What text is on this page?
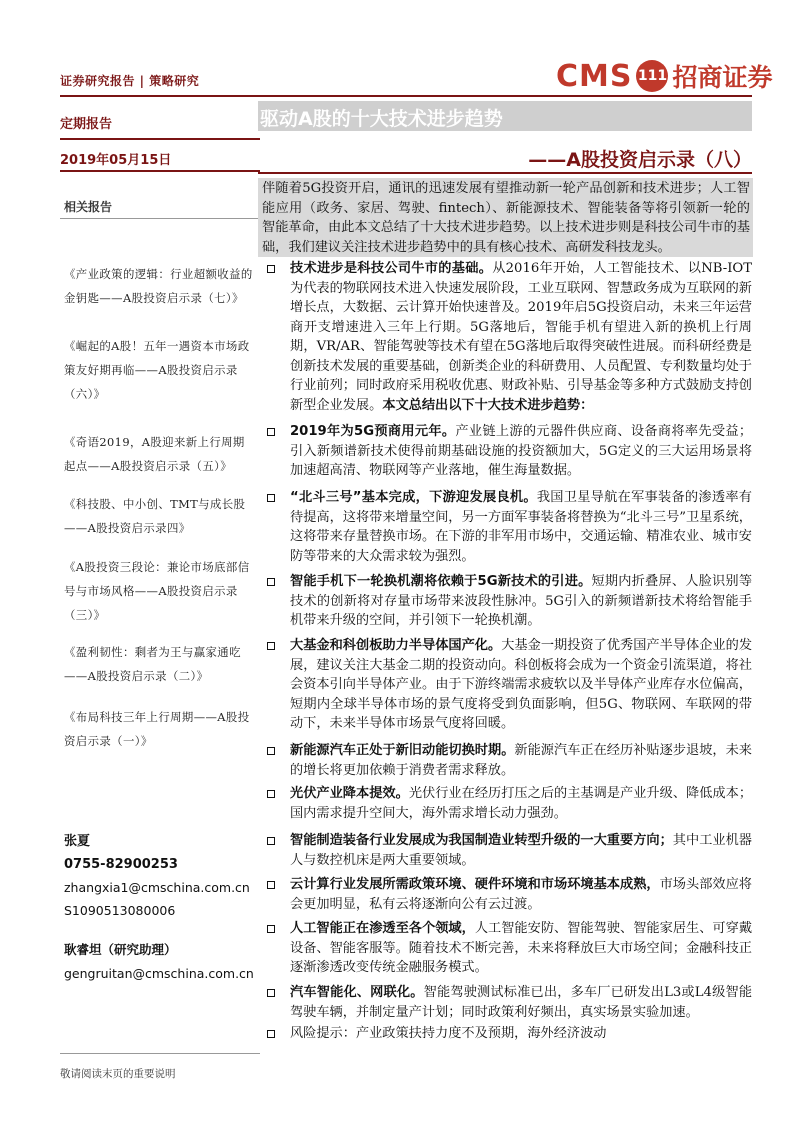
证券研究报告 | 策略研究	CMS 111 招商证券
定期报告	驱动A股的十大技术进步趋势
2019年05月15日	——A股投资启示录（八）
相关报告
《产业政策的逻辑：行业超额收益的金钥匙——A股投资启示录（七）》
《崛起的A股！五年一遇资本市场政策友好期再临——A股投资启示录（六）》
《奇语2019，A股迎来新上行周期起点——A股投资启示录（五）》
《科技股、中小创、TMT与成长股——A股投资启示录四》
《A股投资三段论：兼论市场底部信号与市场风格——A股投资启示录（三）》
《盈利韧性：剩者为王与赢家通吃——A股投资启示录（二）》
《布局科技三年上行周期——A股投资启示录（一）》
张夏
0755-82900253
zhangxia1@cmschina.com.cn
S1090513080006
耿睿坦（研究助理）
gengruitan@cmschina.com.cn
敬请阅读末页的重要说明
伴随着5G投资开启，通讯的迅速发展有望推动新一轮产品创新和技术进步；人工智能应用（政务、家居、驾驶、fintech）、新能源技术、智能装备等将引领新一轮的智能革命，由此本文总结了十大技术进步趋势。以上技术进步则是科技公司牛市的基础，我们建议关注技术进步趋势中的具有核心技术、高研发科技龙头。
技术进步是科技公司牛市的基础。从2016年开始，人工智能技术、以NB-IOT为代表的物联网技术进入快速发展阶段，工业互联网、智慧政务成为互联网的新增长点，大数据、云计算开始快速普及。2019年启5G投资启动，未来三年运营商开支增速进入三年上行期。5G落地后，智能手机有望进入新的换机上行周期，VR/AR、智能驾驶等技术有望在5G落地后取得突破性进展。而科研经费是创新技术发展的重要基础，创新类企业的科研费用、人员配置、专利数量均处于行业前列；同时政府采用税收优惠、财政补贴、引导基金等多种方式鼓励支持创新型企业发展。本文总结出以下十大技术进步趋势：
2019年为5G预商用元年。产业链上游的元器件供应商、设备商将率先受益；引入新频谱新技术使得前期基础设施的投资额加大，5G定义的三大运用场景将加速超高清、物联网等产业落地，催生海量数据。
“北斗三号”基本完成，下游迎发展良机。我国卫星导航在军事装备的渗透率有待提高，这将带来增量空间，另一方面军事装备将替换为“北斗三号”卫星系统，这将带来存量替换市场。在下游的非军用市场中，交通运输、精准农业、城市安防等带来的大众需求较为强烈。
智能手机下一轮换机潮将依赖于5G新技术的引进。短期内折叠屏、人脸识别等技术的创新将对存量市场带来波段性脉冲。5G引入的新频谱新技术将给智能手机带来升级的空间，并引领下一轮换机潮。
大基金和科创板助力半导体国产化。大基金一期投资了优秀国产半导体企业的发展，建议关注大基金二期的投资动向。科创板将会成为一个资金引流渠道，将社会资本引向半导体产业。由于下游终端需求疲软以及半导体产业库存水位偏高，短期内全球半导体市场的景气度将受到负面影响，但5G、物联网、车联网的带动下，未来半导体市场景气度将回暖。
新能源汽车正处于新旧动能切换时期。新能源汽车正在经历补贴逐步退坡，未来的增长将更加依赖于消费者需求释放。
光伏产业降本提效。光伏行业在经历打压之后的主基调是产业升级、降低成本；国内需求提升空间大，海外需求增长动力强劲。
智能制造装备行业发展成为我国制造业转型升级的一大重要方向；其中工业机器人与数控机床是两大重要领域。
云计算行业发展所需政策环境、硬件环境和市场环境基本成熟，市场头部效应将会更加明显，私有云将逐渐向公有云过渡。
人工智能正在渗透至各个领域，人工智能安防、智能驾驶、智能家居生、可穿戴设备、智能客服等。随着技术不断完善，未来将释放巨大市场空间；金融科技正逐渐渗透改变传统金融服务模式。
汽车智能化、网联化。智能驾驶测试标准已出，多车厂已研发出L3或L4级智能驾驶车辆，并制定量产计划；同时政策利好频出，真实场景实验加速。
风险提示：产业政策扶持力度不及预期，海外经济波动
